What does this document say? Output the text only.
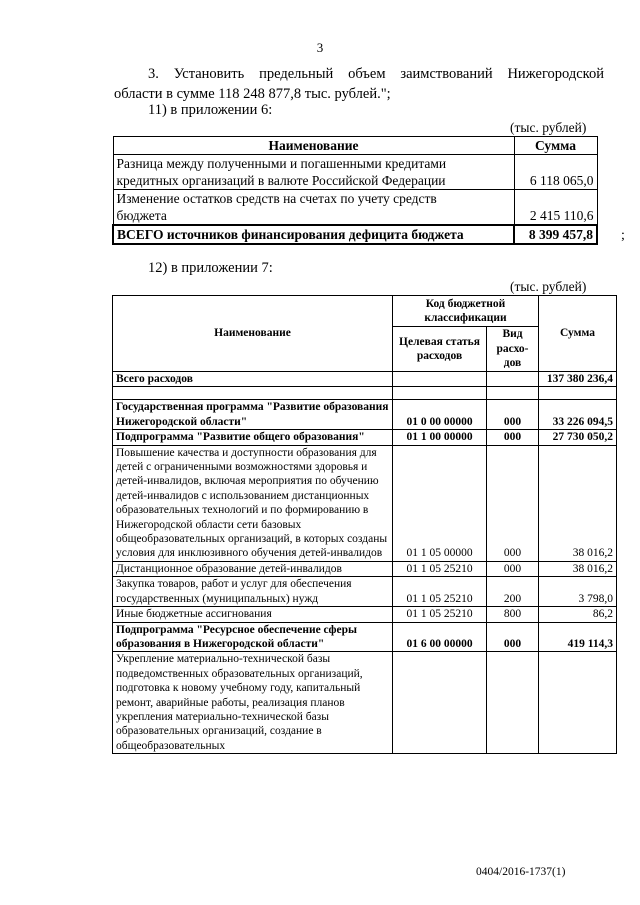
3
3. Установить предельный объем заимствований Нижегородской
области в сумме 118 248 877,8 тыс. рублей.";
11) в приложении 6:
(тыс. рублей)
Наименование	Сумма

Разница между полученными и погашенными кредитами
кредитных организаций в валюте Российской Федерации	6 118 065,0

Изменение остатков средств на счетах по учету средств
бюджета	2 415 110,6
ВСЕГО источников финансирования дефицита бюджета	8 399 457,8 ;
12) в приложении 7:
(тыс. рублей)
Наименование	Код бюджетной классификации		Сумма
	Целевая статья расходов	Вид расхо-дов	
Всего расходов			137 380 236,4

Государственная программа "Развитие образования Нижегородской области"	01 0 00 00000	000	33 226 094,5
Подпрограмма "Развитие общего образования"	01 1 00 00000	000	27 730 050,2
Повышение качества и доступности образования для детей с ограниченными возможностями здоровья и детей-инвалидов, включая мероприятия по обучению детей-инвалидов с использованием дистанционных образовательных технологий и по формированию в Нижегородской области сети базовых общеобразовательных организаций, в которых созданы условия для инклюзивного обучения детей-инвалидов	01 1 05 00000	000	38 016,2
Дистанционное образование детей-инвалидов	01 1 05 25210	000	38 016,2
Закупка товаров, работ и услуг для обеспечения государственных (муниципальных) нужд	01 1 05 25210	200	3 798,0
Иные бюджетные ассигнования	01 1 05 25210	800	86,2
Подпрограмма "Ресурсное обеспечение сферы образования в Нижегородской области"	01 6 00 00000	000	419 114,3
Укрепление материально-технической базы подведомственных образовательных организаций, подготовка к новому учебному году, капитальный ремонт, аварийные работы, реализация планов укрепления материально-технической базы образовательных организаций, создание в общеобразовательных			
0404/2016-1737(1)
